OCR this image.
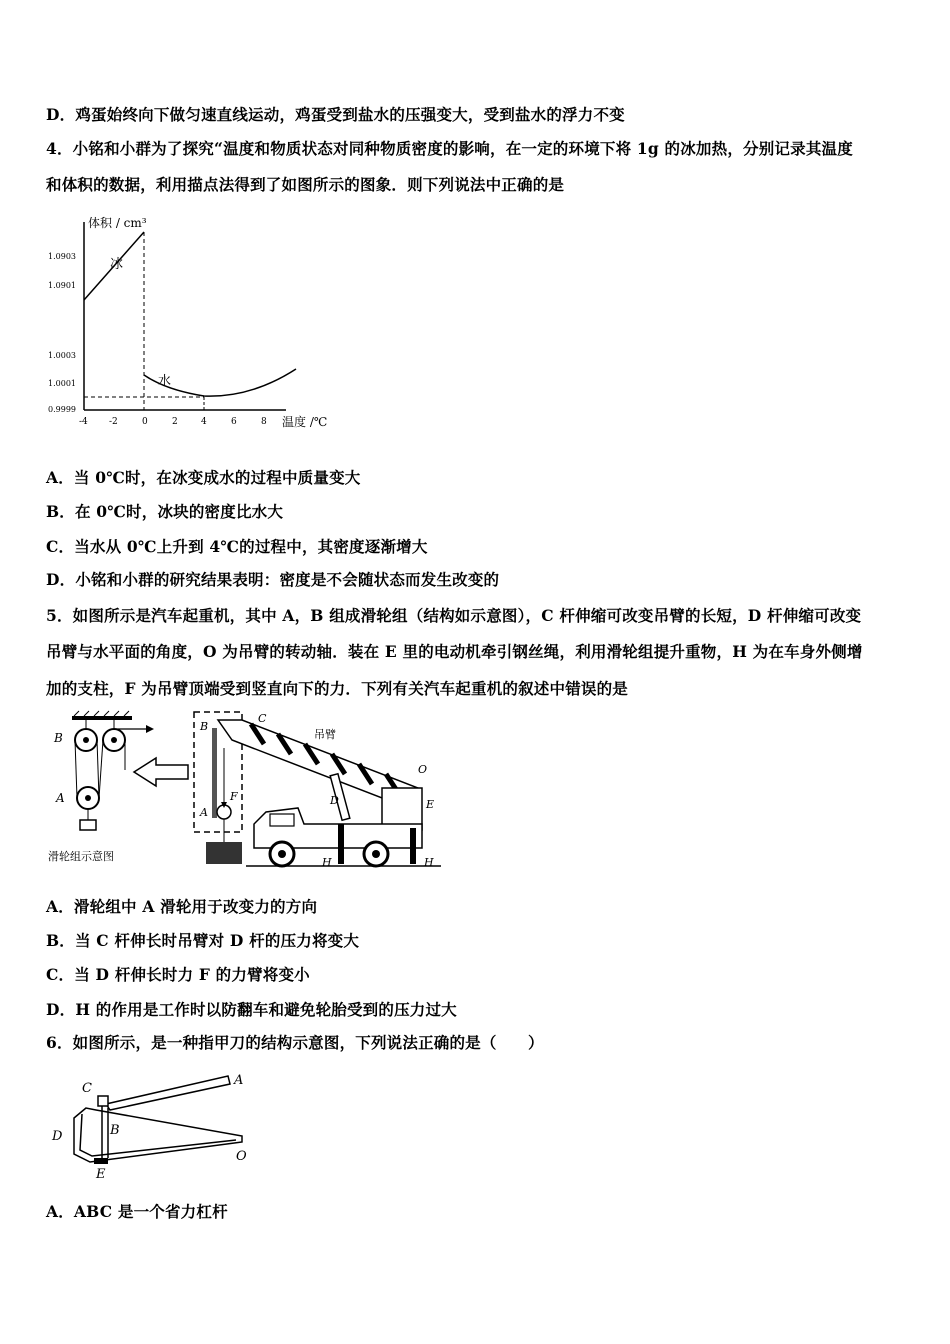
D．鸡蛋始终向下做匀速直线运动，鸡蛋受到盐水的压强变大，受到盐水的浮力不变
4．小铭和小群为了探究“温度和物质状态对同种物质密度的影响，在一定的环境下将 1g 的冰加热，分别记录其温度
和体积的数据，利用描点法得到了如图所示的图象．则下列说法中正确的是
体积 / cm³
温度 /℃
1.0903
1.0901
1.0003
1.0001
0.9999
-4 -2	0	2	4	6	8
冰
水
A．当 0℃时，在冰变成水的过程中质量变大
B．在 0℃时，冰块的密度比水大
C．当水从 0℃上升到 4℃的过程中，其密度逐渐增大
D．小铭和小群的研究结果表明：密度是不会随状态而发生改变的
5．如图所示是汽车起重机，其中 A，B 组成滑轮组（结构如示意图），C 杆伸缩可改变吊臂的长短，D 杆伸缩可改变
吊臂与水平面的角度，O 为吊臂的转动轴．装在 E 里的电动机牵引钢丝绳，利用滑轮组提升重物，H 为在车身外侧增
加的支柱，F 为吊臂顶端受到竖直向下的力．下列有关汽车起重机的叙述中错误的是
B
A
滑轮组示意图
B
A
F
C
吊臂
O
D	E
H	H
A．滑轮组中 A 滑轮用于改变力的方向
B．当 C 杆伸长时吊臂对 D 杆的压力将变大
C．当 D 杆伸长时力 F 的力臂将变小
D．H 的作用是工作时以防翻车和避免轮胎受到的压力过大
6．如图所示，是一种指甲刀的结构示意图，下列说法正确的是（　　）
C
A
D	B
O
E
A．ABC 是一个省力杠杆
